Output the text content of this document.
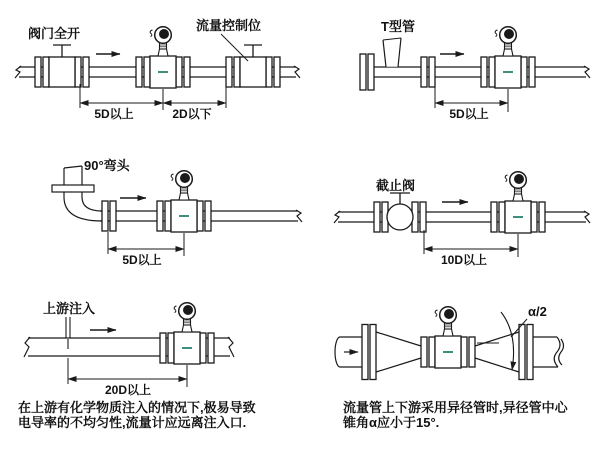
阀门全开
流量控制位
5D以上	2D以下
T型管
5D以上
90°弯头
5D以上
截止阀
10D以上
上游注入
20D以上
α/2
在上游有化学物质注入的情况下,极易导致
电导率的不均匀性,流量计应远离注入口.
流量管上下游采用异径管时,异径管中心
锥角α应小于15°.
